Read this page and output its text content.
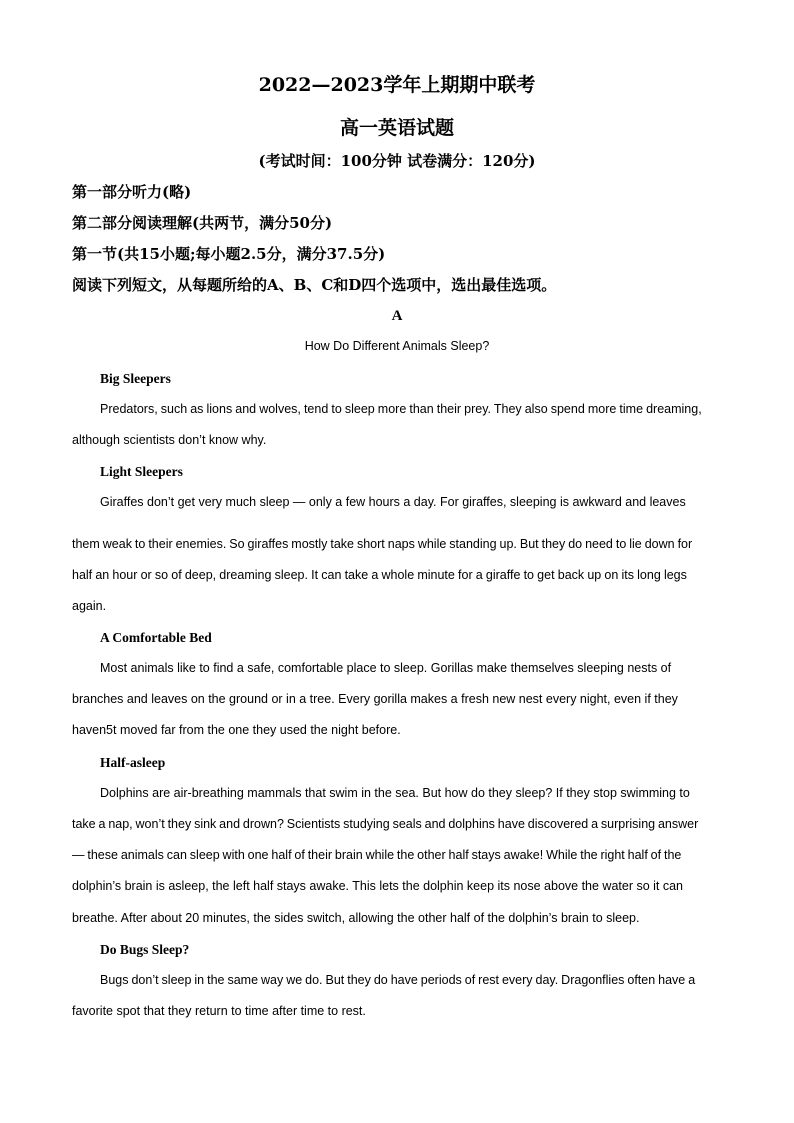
2022—2023学年上期期中联考
高一英语试题
(考试时间：100分钟 试卷满分：120分)
第一部分听力(略)
第二部分阅读理解(共两节，满分50分)
第一节(共15小题;每小题2.5分，满分37.5分)
阅读下列短文，从每题所给的A、B、C和D四个选项中，选出最佳选项。
A
How Do Different Animals Sleep?
Big Sleepers
Predators, such as lions and wolves, tend to sleep more than their prey. They also spend more time dreaming,
although scientists don’t know why.
Light Sleepers
Giraffes don’t get very much sleep — only a few hours a day. For giraffes, sleeping is awkward and leaves
them weak to their enemies. So giraffes mostly take short naps while standing up. But they do need to lie down for
half an hour or so of deep, dreaming sleep. It can take a whole minute for a giraffe to get back up on its long legs
again.
A Comfortable Bed
Most animals like to find a safe, comfortable place to sleep. Gorillas make themselves sleeping nests of
branches and leaves on the ground or in a tree. Every gorilla makes a fresh new nest every night, even if they
haven5t moved far from the one they used the night before.
Half-asleep
Dolphins are air-breathing mammals that swim in the sea. But how do they sleep? If they stop swimming to
take a nap, won’t they sink and drown? Scientists studying seals and dolphins have discovered a surprising answer
— these animals can sleep with one half of their brain while the other half stays awake! While the right half of the
dolphin’s brain is asleep, the left half stays awake. This lets the dolphin keep its nose above the water so it can
breathe. After about 20 minutes, the sides switch, allowing the other half of the dolphin’s brain to sleep.
Do Bugs Sleep?
Bugs don’t sleep in the same way we do. But they do have periods of rest every day. Dragonflies often have a
favorite spot that they return to time after time to rest.
